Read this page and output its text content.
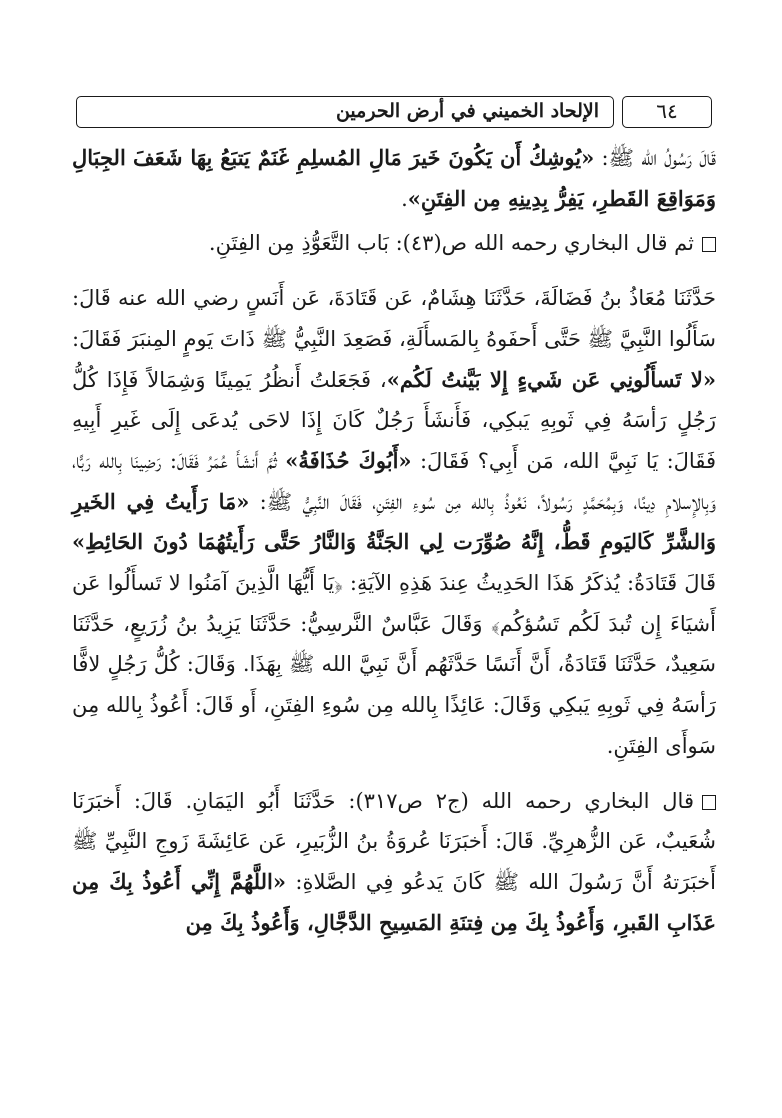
الإلحاد الخميني في أرض الحرمين	٦٤

قَالَ رَسُولُ الله ﷺ: «يُوشِكُ أَن يَكُونَ خَيرَ مَالِ المُسلِمِ غَنَمٌ يَتبَعُ بِهَا شَعَفَ الجِبَالِ وَمَوَاقِعَ القَطرِ، يَفِرُّ بِدِينِهِ مِن الفِتَنِ».

ثم قال البخاري رحمه الله ص(٤٣): بَاب التَّعَوُّذِ مِن الفِتَنِ.

حَدَّثَنَا مُعَاذُ بنُ فَضَالَةَ، حَدَّثَنَا هِشَامٌ، عَن قَتَادَةَ، عَن أَنَسٍ رضي الله عنه قَالَ: سَأَلُوا النَّبِيَّ ﷺ حَتَّى أَحفَوهُ بِالمَسأَلَةِ، فَصَعِدَ النَّبِيُّ ﷺ ذَاتَ يَومٍ المِنبَرَ فَقَالَ: «لا تَسأَلُونِي عَن شَيءٍ إِلا بَيَّنتُ لَكُم»، فَجَعَلتُ أَنظُرُ يَمِينًا وَشِمَالاً فَإِذَا كُلُّ رَجُلٍ رَأسَهُ فِي ثَوبِهِ يَبكِي، فَأَنشَأَ رَجُلٌ كَانَ إِذَا لاحَى يُدعَى إِلَى غَيرِ أَبِيهِ فَقَالَ: يَا نَبِيَّ الله، مَن أَبِي؟ فَقَالَ: «أَبُوكَ حُذَافَةُ» ثُمَّ أَنشَأَ عُمَرُ فَقَالَ: رَضِينَا بِالله رَبًّا، وَبِالإِسلامِ دِينًا، وَبِمُحَمَّدٍ رَسُولاً، نَعُوذُ بِالله مِن سُوءِ الفِتَنِ، فَقَالَ النَّبِيُّ ﷺ: «مَا رَأَيتُ فِي الخَيرِ وَالشَّرِّ كَاليَومِ قَطُّ، إِنَّهُ صُوِّرَت لِي الجَنَّةُ وَالنَّارُ حَتَّى رَأَيتُهُمَا دُونَ الحَائِطِ» قَالَ قَتَادَةُ: يُذكَرُ هَذَا الحَدِيثُ عِندَ هَذِهِ الآيَةِ: ﴿يَا أَيُّهَا الَّذِينَ آمَنُوا لا تَسأَلُوا عَن أَشيَاءَ إِن تُبدَ لَكُم تَسُؤكُم﴾ وَقَالَ عَبَّاسٌ النَّرسِيُّ: حَدَّثَنَا يَزِيدُ بنُ زُرَيعٍ، حَدَّثَنَا سَعِيدٌ، حَدَّثَنَا قَتَادَةُ، أَنَّ أَنَسًا حَدَّثَهُم أَنَّ نَبِيَّ الله ﷺ بِهَذَا. وَقَالَ: كُلُّ رَجُلٍ لافًّا رَأسَهُ فِي ثَوبِهِ يَبكِي وَقَالَ: عَائِذًا بِالله مِن سُوءِ الفِتَنِ، أَو قَالَ: أَعُوذُ بِالله مِن سَوأَى الفِتَنِ.

قال البخاري رحمه الله (ج٢ ص٣١٧): حَدَّثَنَا أَبُو اليَمَانِ. قَالَ: أَخبَرَنَا شُعَيبٌ، عَن الزُّهرِيِّ. قَالَ: أَخبَرَنَا عُروَةُ بنُ الزُّبَيرِ، عَن عَائِشَةَ زَوجِ النَّبِيِّ ﷺ أَخبَرَتهُ أَنَّ رَسُولَ الله ﷺ كَانَ يَدعُو فِي الصَّلاةِ: «اللَّهُمَّ إِنِّي أَعُوذُ بِكَ مِن عَذَابِ القَبرِ، وَأَعُوذُ بِكَ مِن فِتنَةِ المَسِيحِ الدَّجَّالِ، وَأَعُوذُ بِكَ مِن
